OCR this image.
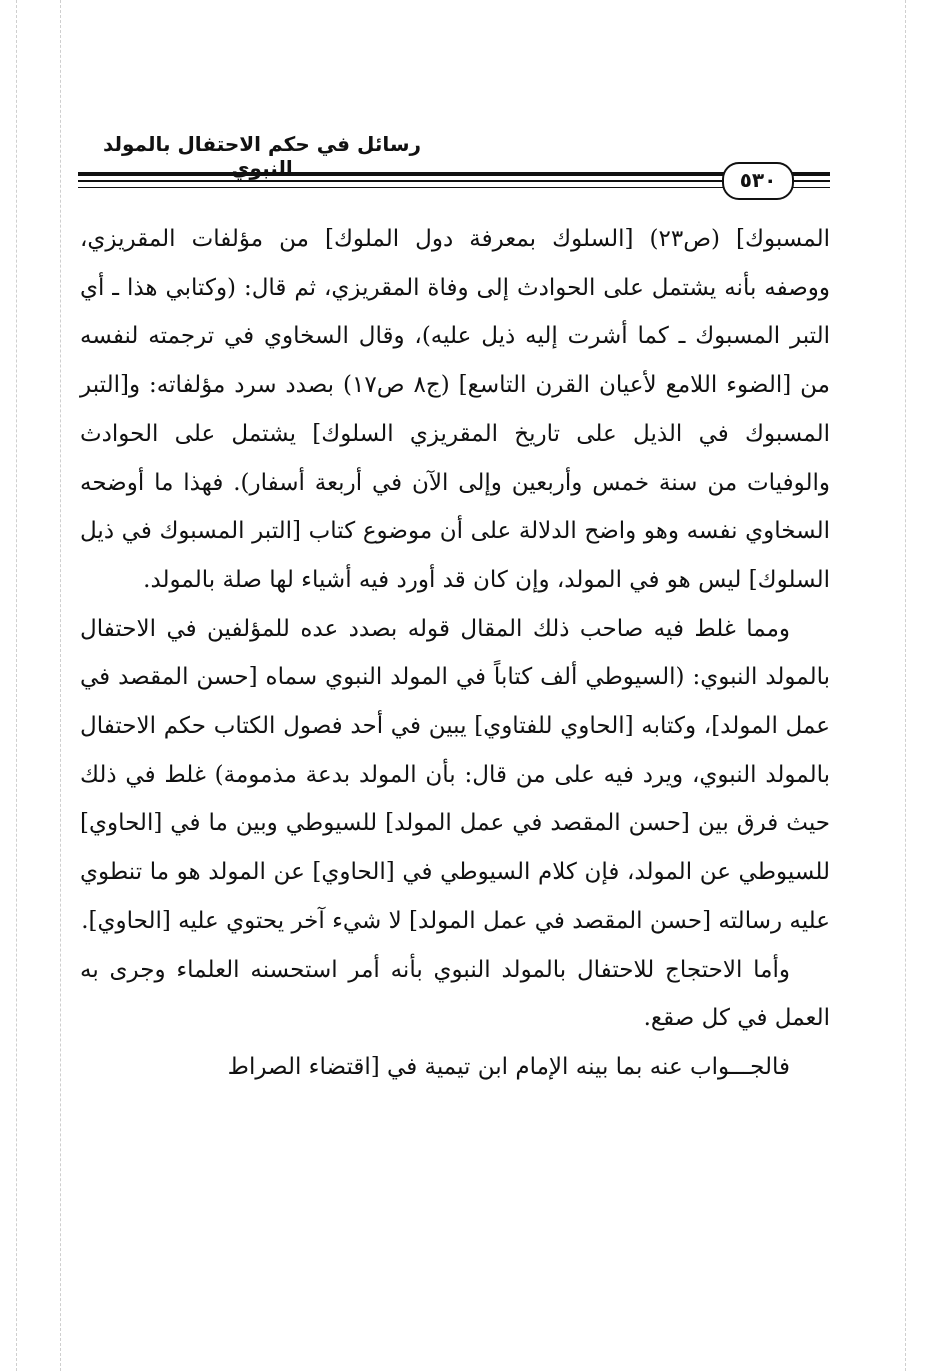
رسائل في حكم الاحتفال بالمولد النبوي	٥٣٠

المسبوك] (ص٢٣) [السلوك بمعرفة دول الملوك] من مؤلفات المقريزي، ووصفه بأنه يشتمل على الحوادث إلى وفاة المقريزي، ثم قال: (وكتابي هذا ـ أي التبر المسبوك ـ كما أشرت إليه ذيل عليه)، وقال السخاوي في ترجمته لنفسه من [الضوء اللامع لأعيان القرن التاسع] (ج٨ ص١٧) بصدد سرد مؤلفاته: و[التبر المسبوك في الذيل على تاريخ المقريزي السلوك] يشتمل على الحوادث والوفيات من سنة خمس وأربعين وإلى الآن في أربعة أسفار). فهذا ما أوضحه السخاوي نفسه وهو واضح الدلالة على أن موضوع كتاب [التبر المسبوك في ذيل السلوك] ليس هو في المولد، وإن كان قد أورد فيه أشياء لها صلة بالمولد.

ومما غلط فيه صاحب ذلك المقال قوله بصدد عده للمؤلفين في الاحتفال بالمولد النبوي: (السيوطي ألف كتاباً في المولد النبوي سماه [حسن المقصد في عمل المولد]، وكتابه [الحاوي للفتاوي] يبين في أحد فصول الكتاب حكم الاحتفال بالمولد النبوي، ويرد فيه على من قال: بأن المولد بدعة مذمومة) غلط في ذلك حيث فرق بين [حسن المقصد في عمل المولد] للسيوطي وبين ما في [الحاوي] للسيوطي عن المولد، فإن كلام السيوطي في [الحاوي] عن المولد هو ما تنطوي عليه رسالته [حسن المقصد في عمل المولد] لا شيء آخر يحتوي عليه [الحاوي].

وأما الاحتجاج للاحتفال بالمولد النبوي بأنه أمر استحسنه العلماء وجرى به العمل في كل صقع.

فالجـــواب عنه بما بينه الإمام ابن تيمية في [اقتضاء الصراط
